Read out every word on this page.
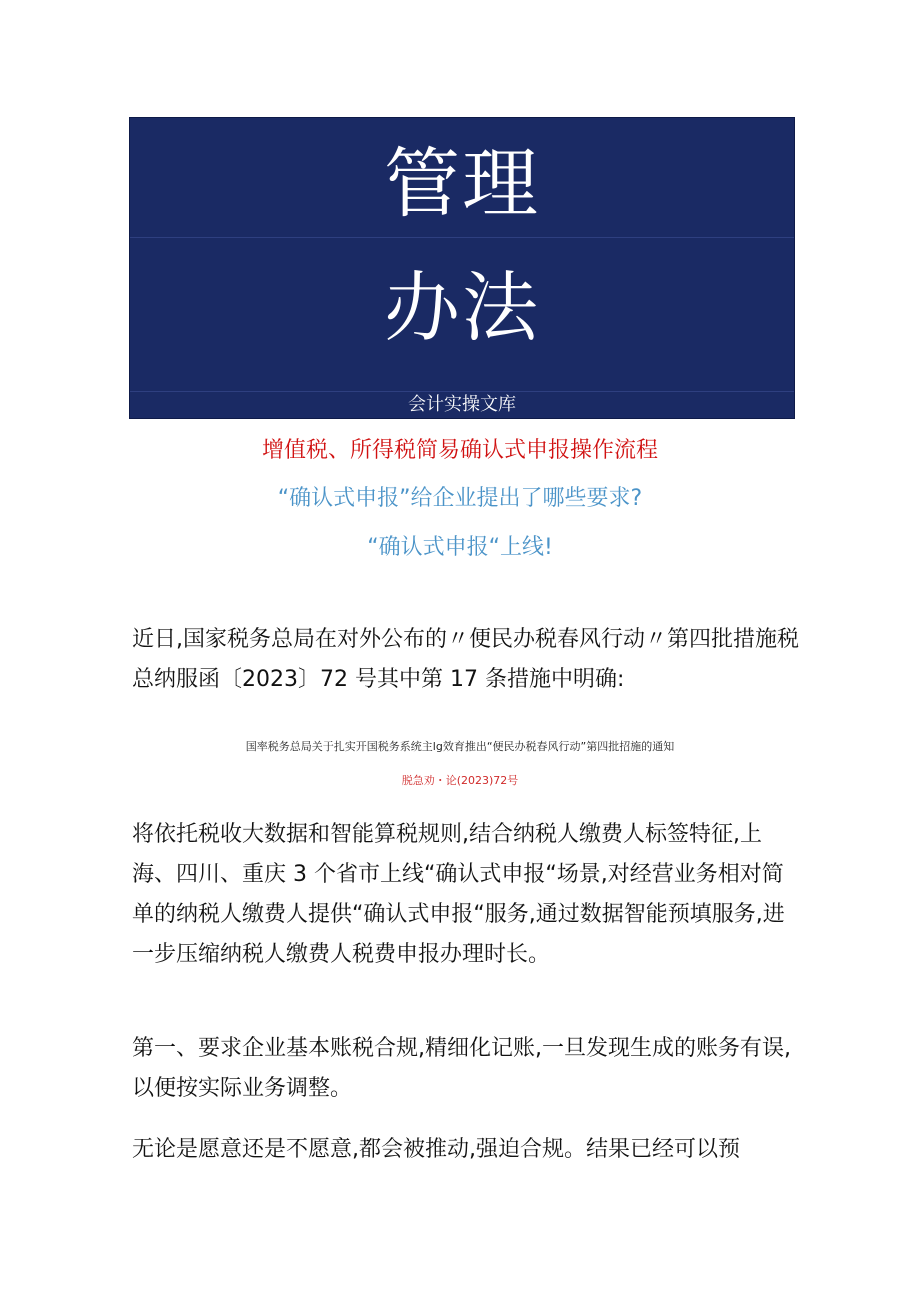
管理
办法
会计实操文库
增值税、所得税简易确认式申报操作流程
“确认式申报”给企业提出了哪些要求?
“确认式申报“上线!

近日,国家税务总局在对外公布的〃便民办税春风行动〃第四批措施税总纳服函〔2023〕72 号其中第 17 条措施中明确:

国率税务总局关于扎实开国税务系统主lg效育推出“便民办税春风行动”第四批招施的通知
脱急劝・论(2023)72号

将依托税收大数据和智能算税规则,结合纳税人缴费人标签特征,上海、四川、重庆 3 个省市上线“确认式申报“场景,对经营业务相对简单的纳税人缴费人提供“确认式申报“服务,通过数据智能预填服务,进一步压缩纳税人缴费人税费申报办理时长。

第一、要求企业基本账税合规,精细化记账,一旦发现生成的账务有误,以便按实际业务调整。

无论是愿意还是不愿意,都会被推动,强迫合规。结果已经可以预
